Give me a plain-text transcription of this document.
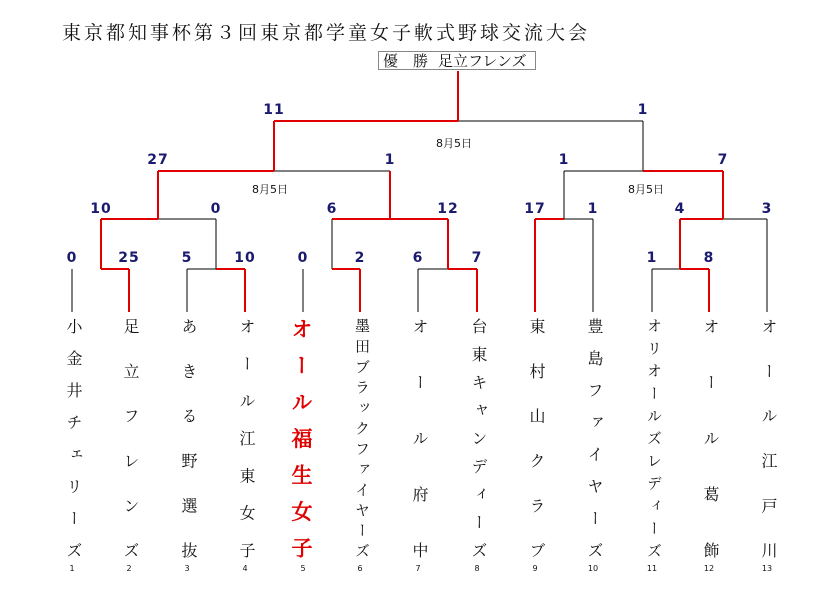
東京都知事杯第３回東京都学童女子軟式野球交流大会
優　勝 足立フレンズ
8月5日
8月5日	8月5日
11	1
27	1	1	7
10	0	6	12	17	1	4	3
0	25	5	10	0	2	6	7	1	8
小金井チェリーズ	足立フレンズ	あきる野選抜	オール江東女子 オール福生女子	墨田ブラックファイヤーズ	オール府中	台東キャンディーズ	東村山クラブ	豊島ファイヤーズ	オリオールズレディーズ	オール葛飾	オール江戸川
1	2	3	4	5	6	7	8	9	10	11	12	13
